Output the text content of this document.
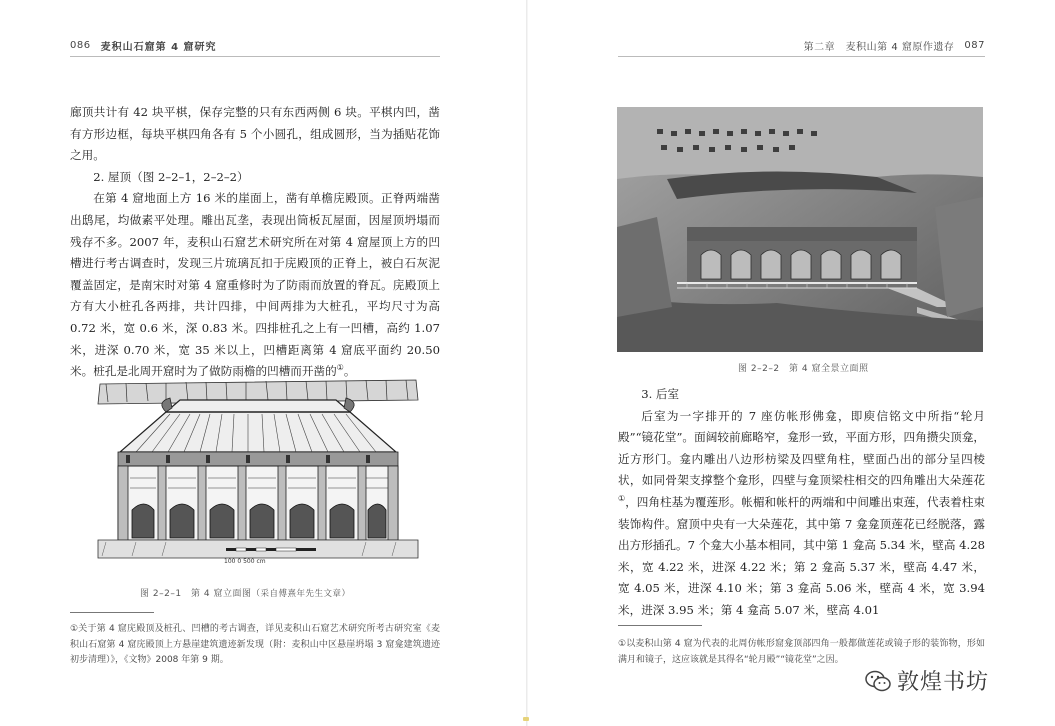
086 麦积山石窟第 4 窟研究

廊顶共计有 42 块平棋，保存完整的只有东西两侧 6 块。平棋内凹，凿有方形边框，每块平棋四角各有 5 个小圆孔，组成圆形，当为插贴花饰之用。

2. 屋顶（图 2–2–1，2–2–2）

在第 4 窟地面上方 16 米的崖面上，凿有单檐庑殿顶。正脊两端凿出鸱尾，均做素平处理。雕出瓦垄，表现出筒板瓦屋面，因屋顶坍塌而残存不多。2007 年，麦积山石窟艺术研究所在对第 4 窟屋顶上方的凹槽进行考古调查时，发现三片琉璃瓦扣于庑殿顶的正脊上，被白石灰泥覆盖固定，是南宋时对第 4 窟重修时为了防雨而放置的脊瓦。庑殿顶上方有大小桩孔各两排，共计四排，中间两排为大桩孔，平均尺寸为高 0.72 米，宽 0.6 米，深 0.83 米。四排桩孔之上有一凹槽，高约 1.07 米，进深 0.70 米，宽 35 米以上，凹槽距离第 4 窟底平面约 20.50 米。桩孔是北周开窟时为了做防雨檐的凹槽而开凿的①。

100 0 500 cm
图 2–2–1　第 4 窟立面图（采自傅熹年先生文章）
①关于第 4 窟庑殿顶及桩孔、凹槽的考古调查，详见麦积山石窟艺术研究所考古研究室《麦积山石窟第 4 窟庑殿顶上方悬崖建筑遗迹新发现（附：麦积山中区悬崖坍塌 3 窟龛建筑遗迹初步清理）》，《文物》2008 年第 9 期。
第二章　麦积山第 4 窟原作遗存 087
图 2–2–2　第 4 窟全景立面照

3. 后室

后室为一字排开的 7 座仿帐形佛龛，即庾信铭文中所指“轮月殿”“镜花堂”。面阔较前廊略窄，龛形一致，平面方形，四角攒尖顶龛，近方形门。龛内雕出八边形枋梁及四壁角柱，壁面凸出的部分呈四棱状，如同骨架支撑整个龛形，四壁与龛顶梁柱相交的四角雕出大朵莲花①，四角柱基为覆莲形。帐楣和帐杆的两端和中间雕出束莲，代表着柱束装饰构件。窟顶中央有一大朵莲花，其中第 7 龛龛顶莲花已经脱落，露出方形插孔。7 个龛大小基本相同，其中第 1 龛高 5.34 米，壁高 4.28 米，宽 4.22 米，进深 4.22 米；第 2 龛高 5.37 米，壁高 4.47 米，宽 4.05 米，进深 4.10 米；第 3 龛高 5.06 米，壁高 4 米，宽 3.94 米，进深 3.95 米；第 4 龛高 5.07 米，壁高 4.01

①以麦积山第 4 窟为代表的北周仿帐形窟龛顶部四角一般都做莲花或镜子形的装饰物，形如满月和镜子，这应该就是其得名“轮月殿”“镜花堂”之因。
敦煌书坊
